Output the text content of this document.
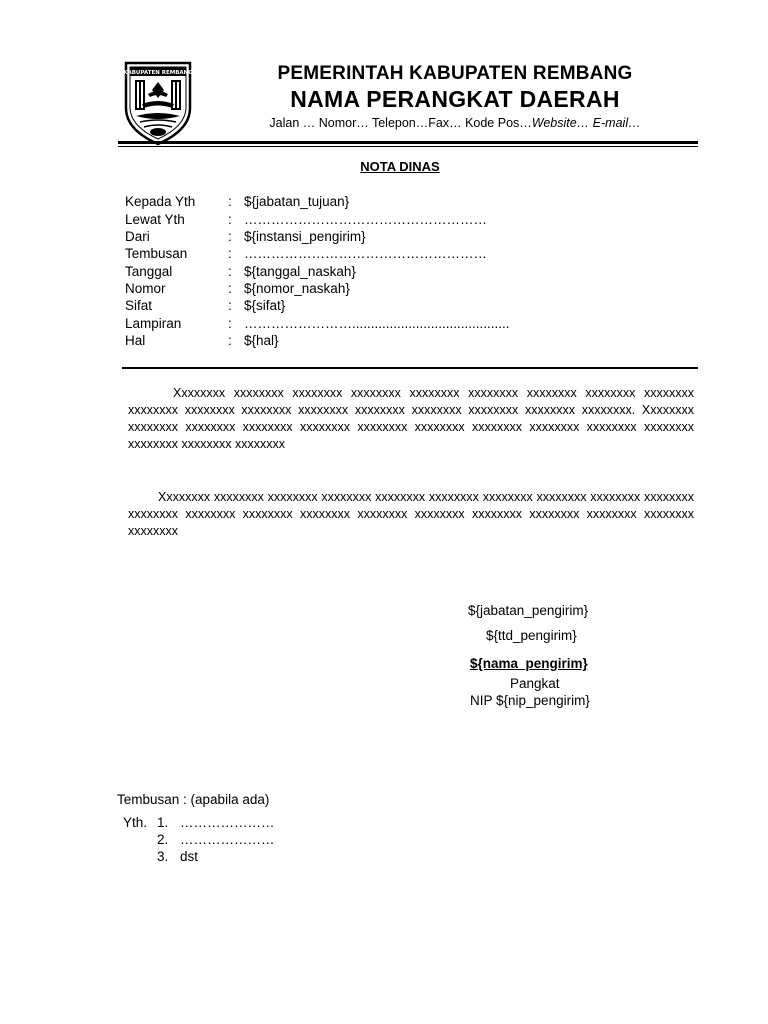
KABUPATEN REMBANG	PEMERINTAH KABUPATEN REMBANG
NAMA PERANGKAT DAERAH
Jalan … Nomor… Telepon…Fax… Kode Pos…Website… E-mail…
NOTA DINAS
Kepada Yth	: ${jabatan_tujuan}
Lewat Yth	: ………………………………………………
Dari	: ${instansi_pengirim}
Tembusan	: ………………………………………………
Tanggal	: ${tanggal_naskah}
Nomor	: ${nomor_naskah}
Sifat	: ${sifat}
Lampiran	: ……………………..........................................
Hal	: ${hal}

Xxxxxxxx xxxxxxxx xxxxxxxx xxxxxxxx xxxxxxxx xxxxxxxx xxxxxxxx xxxxxxxx xxxxxxxx xxxxxxxx xxxxxxxx xxxxxxxx xxxxxxxx xxxxxxxx xxxxxxxx xxxxxxxx xxxxxxxx xxxxxxxx. Xxxxxxxx xxxxxxxx xxxxxxxx xxxxxxxx xxxxxxxx xxxxxxxx xxxxxxxx xxxxxxxx xxxxxxxx xxxxxxxx xxxxxxxx xxxxxxxx xxxxxxxx xxxxxxxx

Xxxxxxxx xxxxxxxx xxxxxxxx xxxxxxxx xxxxxxxx xxxxxxxx xxxxxxxx xxxxxxxx xxxxxxxx xxxxxxxx xxxxxxxx xxxxxxxx xxxxxxxx xxxxxxxx xxxxxxxx xxxxxxxx xxxxxxxx xxxxxxxx xxxxxxxx xxxxxxxx xxxxxxxx

${jabatan_pengirim}
${ttd_pengirim}
${nama_pengirim}
Pangkat
NIP ${nip_pengirim}
Tembusan : (apabila ada)
Yth. 1. …………………
2. …………………
3. dst
